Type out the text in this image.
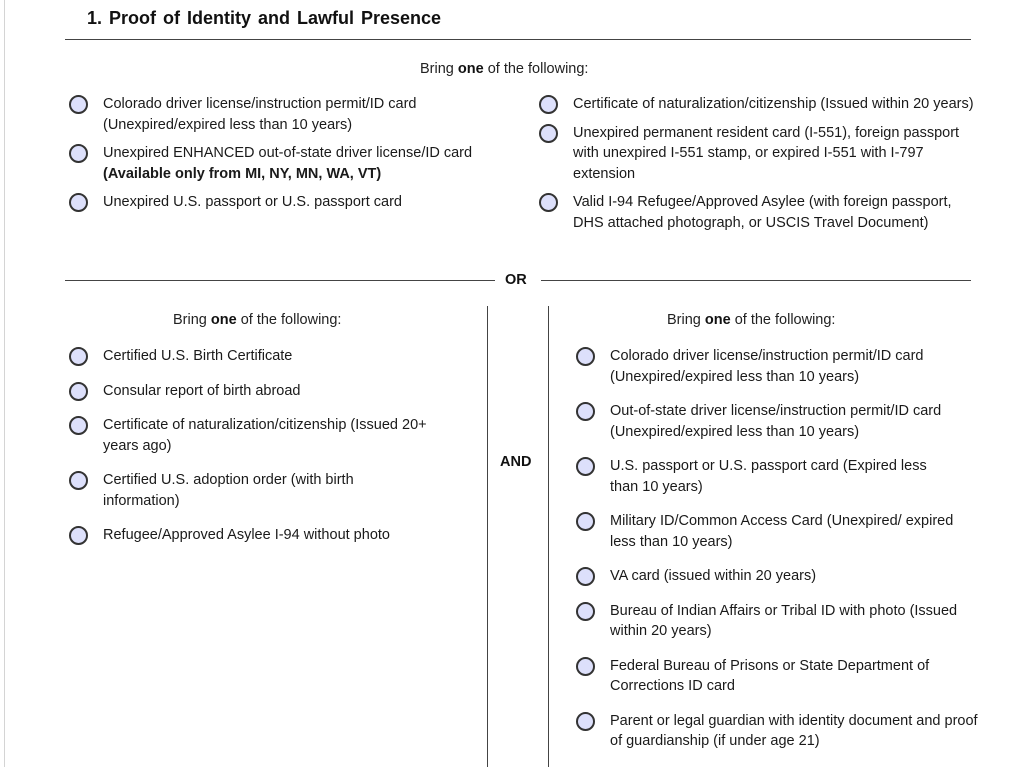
1. Proof of Identity and Lawful Presence
Bring one of the following:
Colorado driver license/instruction permit/ID card (Unexpired/expired less than 10 years)
Unexpired ENHANCED out-of-state driver license/ID card (Available only from MI, NY, MN, WA, VT)
Unexpired U.S. passport or U.S. passport card
Certificate of naturalization/citizenship (Issued within 20 years)
Unexpired permanent resident card (I-551), foreign passport with unexpired I-551 stamp, or expired I-551 with I-797 extension
Valid I-94 Refugee/Approved Asylee (with foreign passport, DHS attached photograph, or USCIS Travel Document)
OR
AND
Bring one of the following:
Certified U.S. Birth Certificate
Consular report of birth abroad
Certificate of naturalization/citizenship (Issued 20+ years ago)
Certified U.S. adoption order (with birth information)
Refugee/Approved Asylee I-94 without photo
Bring one of the following:
Colorado driver license/instruction permit/ID card (Unexpired/expired less than 10 years)
Out-of-state driver license/instruction permit/ID card (Unexpired/expired less than 10 years)
U.S. passport or U.S. passport card (Expired less than 10 years)
Military ID/Common Access Card (Unexpired/ expired less than 10 years)
VA card (issued within 20 years)
Bureau of Indian Affairs or Tribal ID with photo (Issued within 20 years)
Federal Bureau of Prisons or State Department of Corrections ID card
Parent or legal guardian with identity document and proof of guardianship (if under age 21)
